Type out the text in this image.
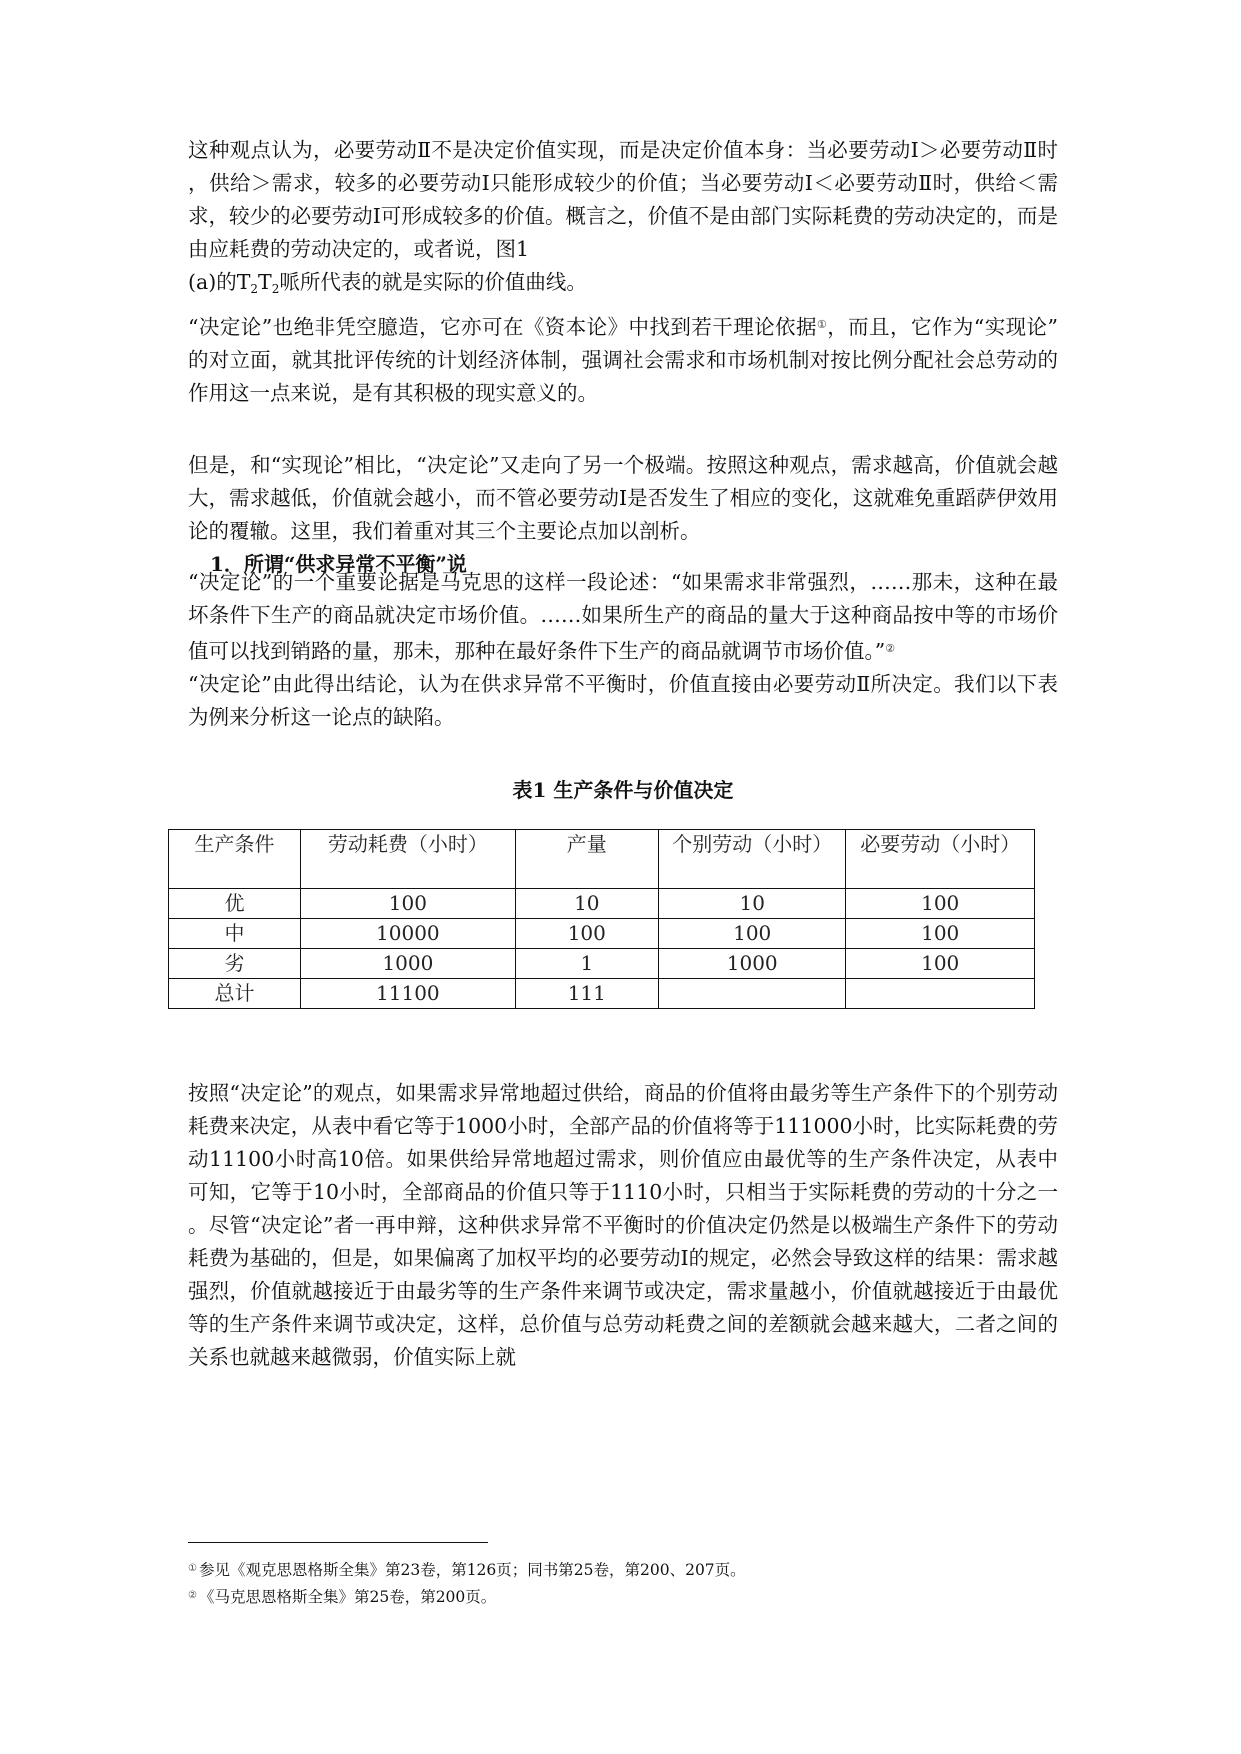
这种观点认为，必要劳动Ⅱ不是决定价值实现，而是决定价值本身：当必要劳动Ⅰ＞必要劳动Ⅱ时，供给＞需求，较多的必要劳动Ⅰ只能形成较少的价值；当必要劳动Ⅰ＜必要劳动Ⅱ时，供给＜需求，较少的必要劳动Ⅰ可形成较多的价值。概言之，价值不是由部门实际耗费的劳动决定的，而是由应耗费的劳动决定的，或者说，图1

(a)的$T_2T_2$哌所代表的就是实际的价值曲线。

“决定论”也绝非凭空臆造，它亦可在《资本论》中找到若干理论依据①，而且，它作为“实现论”的对立面，就其批评传统的计划经济体制，强调社会需求和市场机制对按比例分配社会总劳动的作用这一点来说，是有其积极的现实意义的。

但是，和“实现论”相比，“决定论”又走向了另一个极端。按照这种观点，需求越高，价值就会越大，需求越低，价值就会越小，而不管必要劳动Ⅰ是否发生了相应的变化，这就难免重蹈萨伊效用论的覆辙。这里，我们着重对其三个主要论点加以剖析。

1．所谓“供求异常不平衡”说

“决定论”的一个重要论据是马克思的这样一段论述：“如果需求非常强烈，……那未，这种在最坏条件下生产的商品就决定市场价值。……如果所生产的商品的量大于这种商品按中等的市场价值可以找到销路的量，那未，那种在最好条件下生产的商品就调节市场价值。”②

“决定论”由此得出结论，认为在供求异常不平衡时，价值直接由必要劳动Ⅱ所决定。我们以下表为例来分析这一论点的缺陷。

表1 生产条件与价值决定

生产条件	劳动耗费（小时）	产量	个别劳动（小时）	必要劳动（小时）
优	100	10	10	100
中	10000	100	100	100
劣	1000	1	1000	100
总计	11100	111		

按照“决定论”的观点，如果需求异常地超过供给，商品的价值将由最劣等生产条件下的个别劳动耗费来决定，从表中看它等于1000小时，全部产品的价值将等于111000小时，比实际耗费的劳动11100小时高10倍。如果供给异常地超过需求，则价值应由最优等的生产条件决定，从表中可知，它等于10小时，全部商品的价值只等于1110小时，只相当于实际耗费的劳动的十分之一。尽管“决定论”者一再申辩，这种供求异常不平衡时的价值决定仍然是以极端生产条件下的劳动耗费为基础的，但是，如果偏离了加权平均的必要劳动Ⅰ的规定，必然会导致这样的结果：需求越强烈，价值就越接近于由最劣等的生产条件来调节或决定，需求量越小，价值就越接近于由最优等的生产条件来调节或决定，这样，总价值与总劳动耗费之间的差额就会越来越大，二者之间的关系也就越来越微弱，价值实际上就

① 参见《观克思恩格斯全集》第23卷，第126页；同书第25卷，第200、207页。

② 《马克思恩格斯全集》第25卷，第200页。
